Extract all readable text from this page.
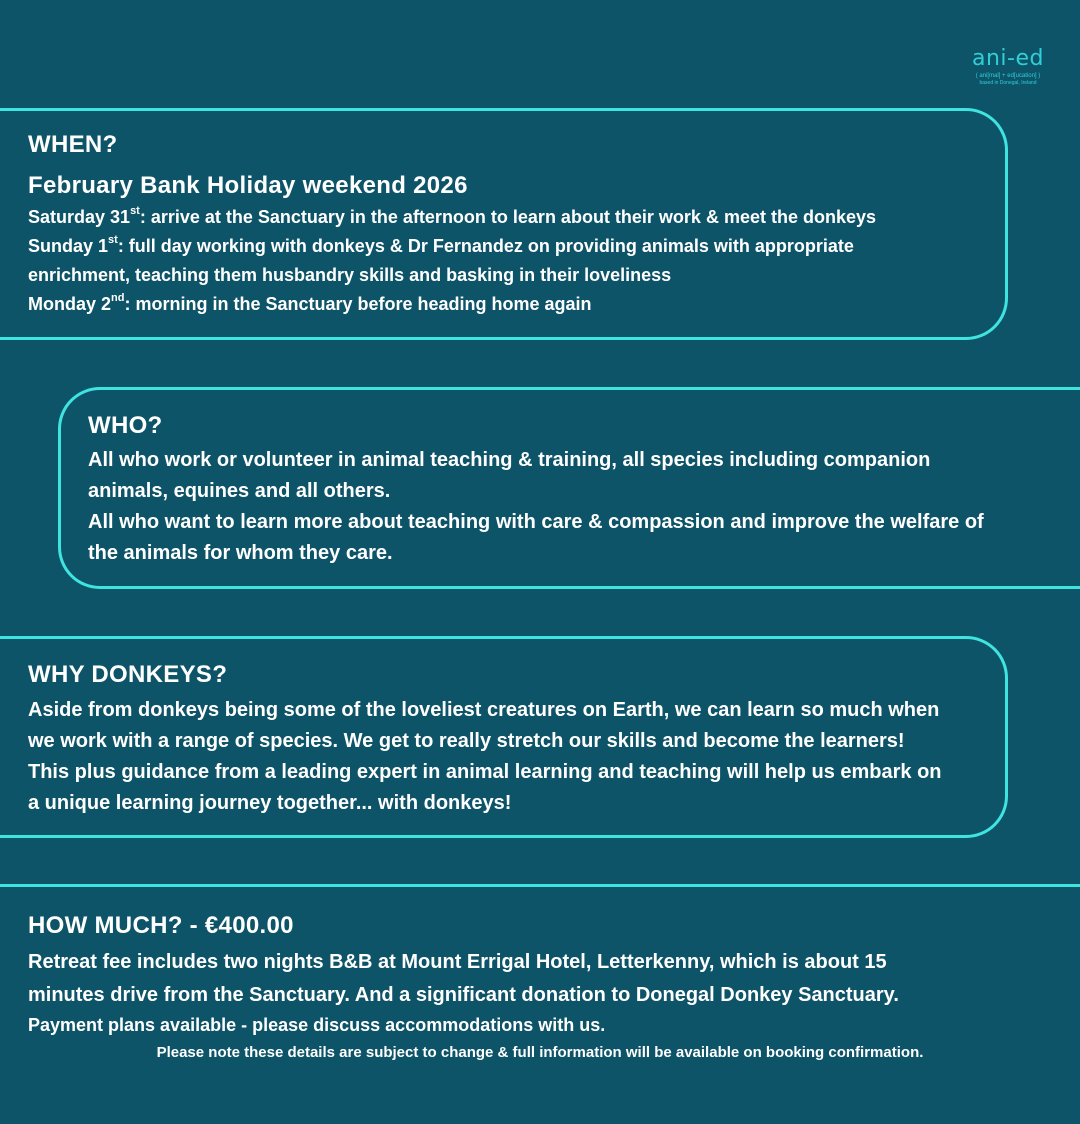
ani-ed
( ani[mal] + ed[ucation] )
based in Donegal, Ireland
WHEN?
February Bank Holiday weekend 2026
Saturday 31st: arrive at the Sanctuary in the afternoon to learn about their work & meet the donkeys
Sunday 1st: full day working with donkeys & Dr Fernandez on providing animals with appropriate
enrichment, teaching them husbandry skills and basking in their loveliness
Monday 2nd: morning in the Sanctuary before heading home again
WHO?
All who work or volunteer in animal teaching & training, all species including companion
animals, equines and all others.
All who want to learn more about teaching with care & compassion and improve the welfare of
the animals for whom they care.
WHY DONKEYS?
Aside from donkeys being some of the loveliest creatures on Earth, we can learn so much when
we work with a range of species. We get to really stretch our skills and become the learners!
This plus guidance from a leading expert in animal learning and teaching will help us embark on
a unique learning journey together... with donkeys!
HOW MUCH? - €400.00
Retreat fee includes two nights B&B at Mount Errigal Hotel, Letterkenny, which is about 15
minutes drive from the Sanctuary. And a significant donation to Donegal Donkey Sanctuary.
Payment plans available - please discuss accommodations with us.
Please note these details are subject to change & full information will be available on booking confirmation.
